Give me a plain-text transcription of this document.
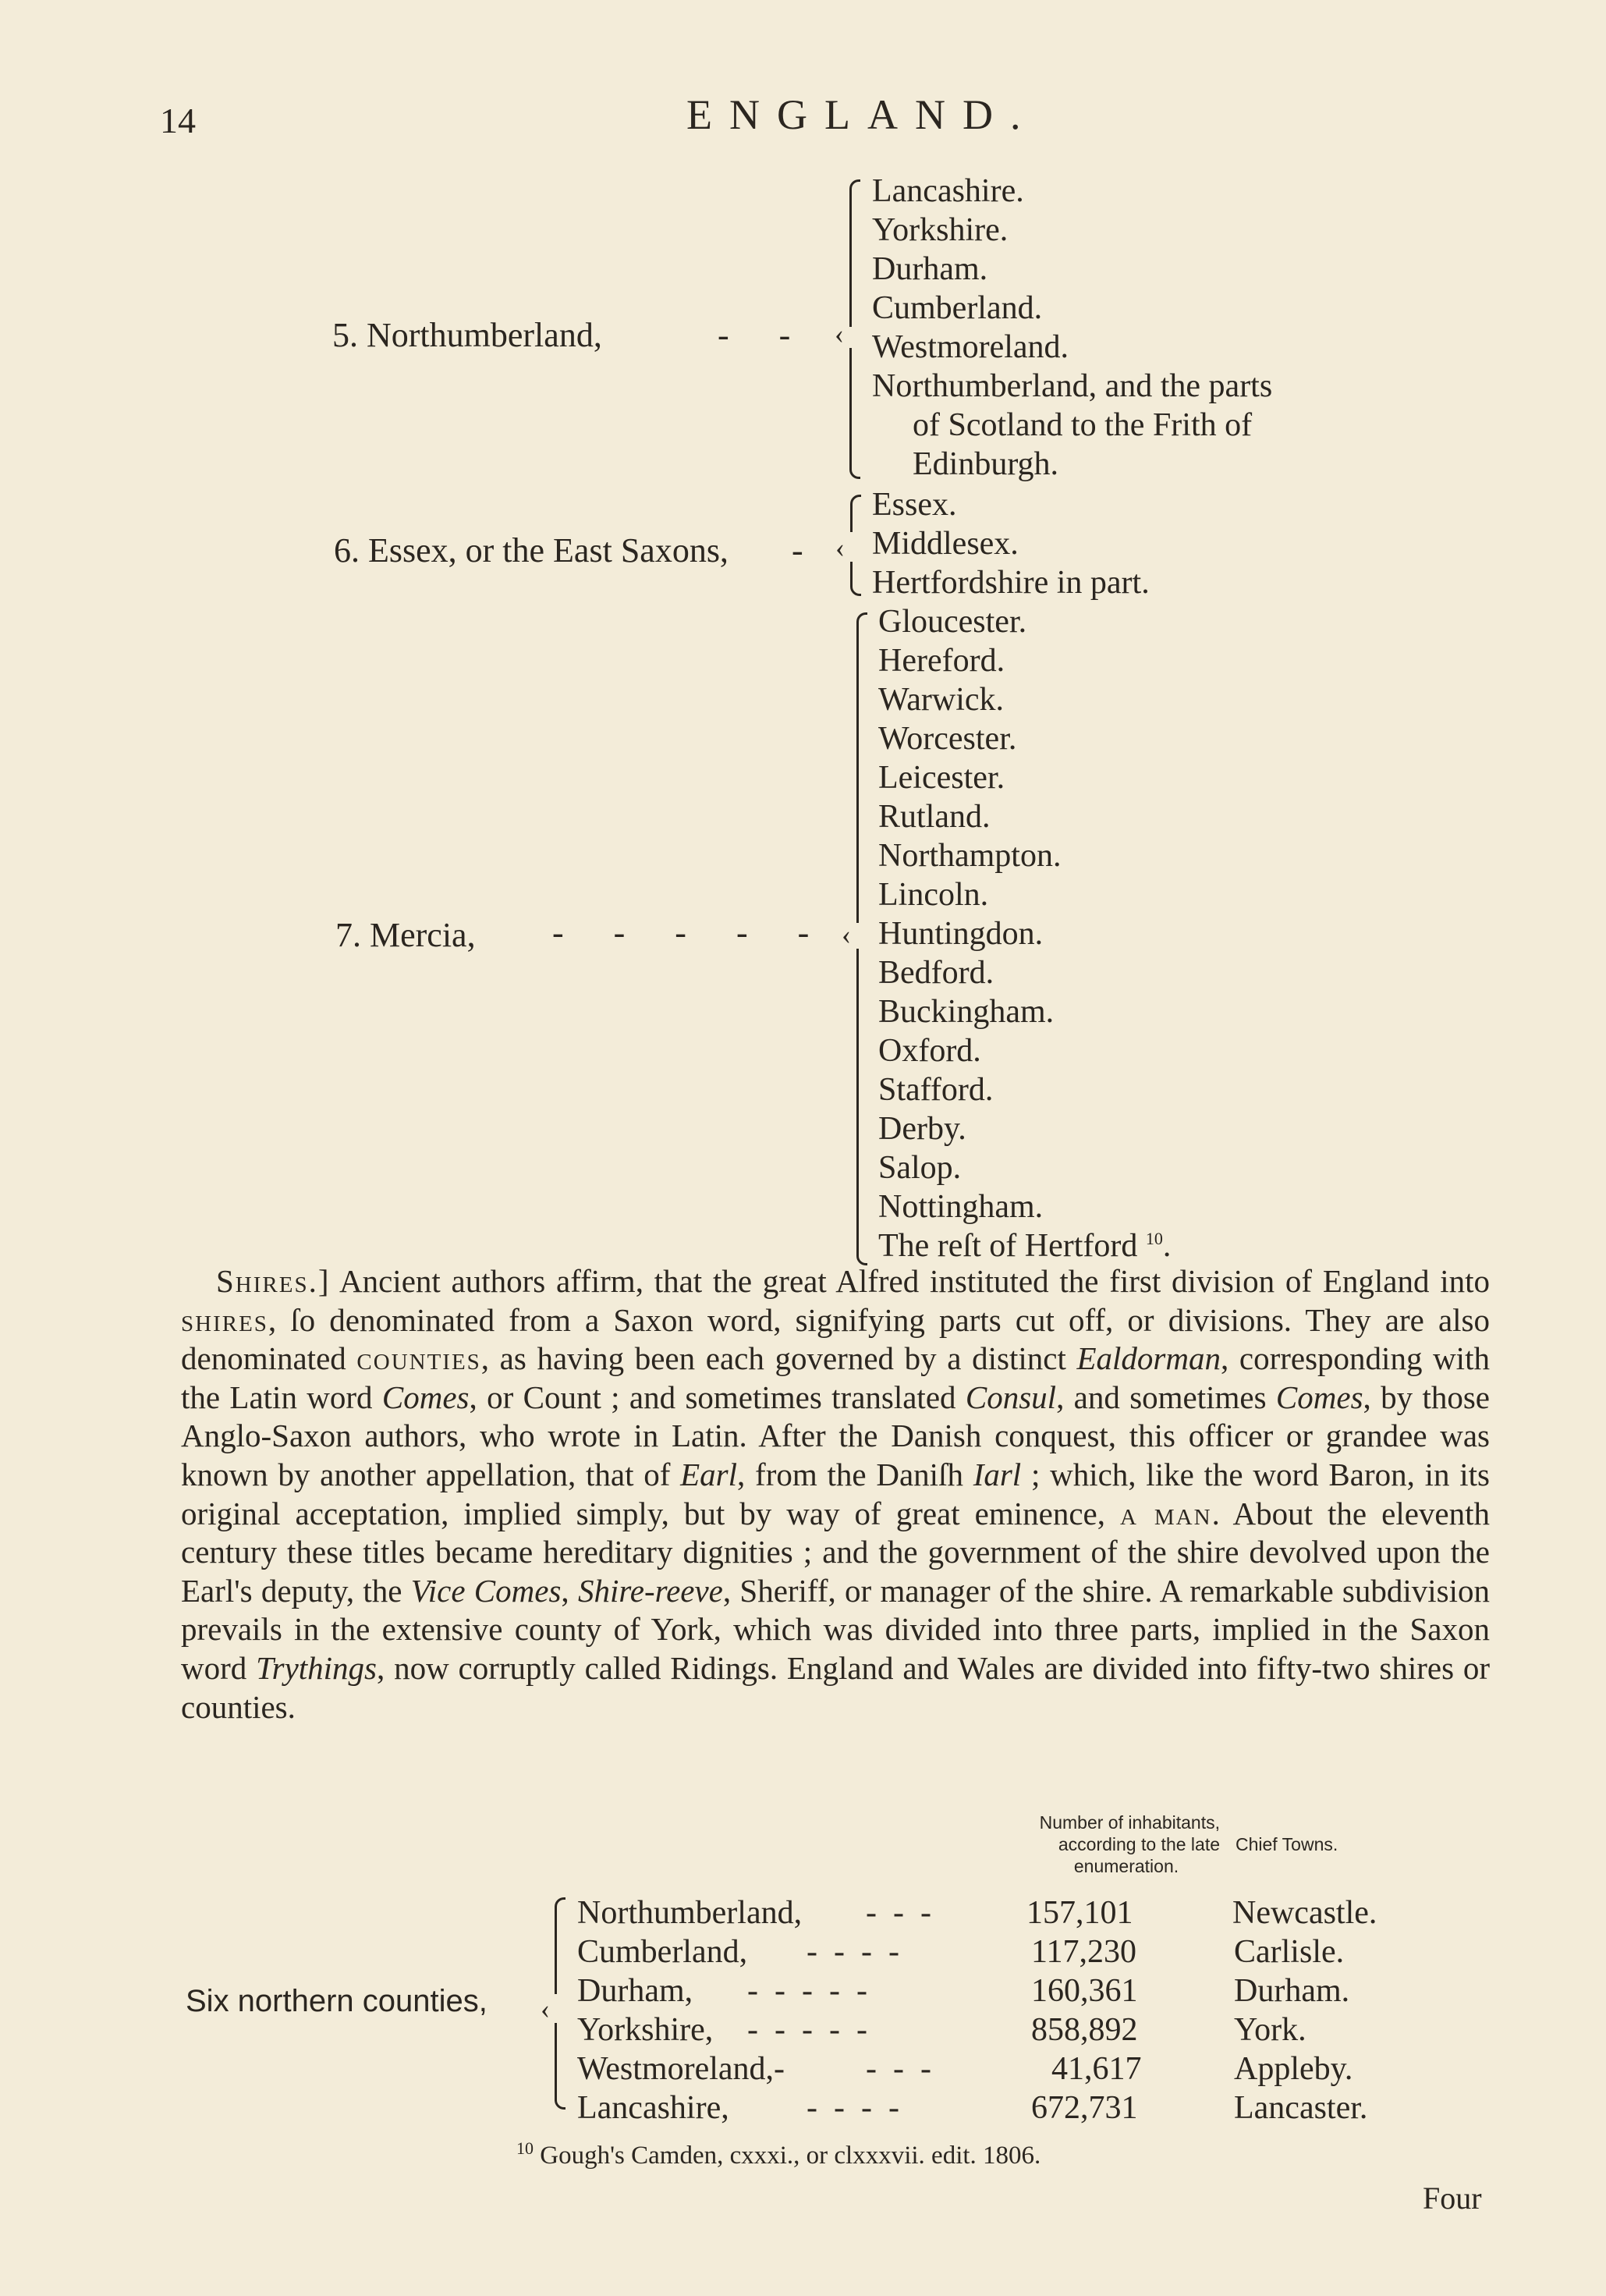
14	ENGLAND.
5. Northumberland,	-  - ‹
Lancashire.
Yorkshire.
Durham.
Cumberland.
Westmoreland.
Northumberland, and the parts
of Scotland to the Frith of
Edinburgh.
6. Essex, or the East Saxons, - ‹
Essex.
Middlesex.
Hertfordshire in part.
7. Mercia, -  -  -  -  - ‹
Gloucester.
Hereford.
Warwick.
Worcester.
Leicester.
Rutland.
Northampton.
Lincoln.
Huntingdon.
Bedford.
Buckingham.
Oxford.
Stafford.
Derby.
Salop.
Nottingham.
The reſt of Hertford $^{10}$.
Shires.] Ancient authors affirm, that the great Alfred instituted the first division of England into shires, ſo denominated from a Saxon word, signifying parts cut off, or divisions. They are also denominated counties, as having been each governed by a distinct Ealdorman, corresponding with the Latin word Comes, or Count ; and sometimes translated Consul, and sometimes Comes, by those Anglo-Saxon authors, who wrote in Latin. After the Danish conquest, this officer or grandee was known by another appellation, that of Earl, from the Daniſh Iarl ; which, like the word Baron, in its original acceptation, implied simply, but by way of great eminence, a man. About the eleventh century these titles became hereditary dignities ; and the government of the shire devolved upon the Earl's deputy, the Vice Comes, Shire-reeve, Sheriff, or manager of the shire. A remarkable subdivision prevails in the extensive county of York, which was divided into three parts, implied in the Saxon word Trythings, now corruptly called Ridings. England and Wales are divided into fifty-two shires or counties.
Number of inhabitants,
according to the late
enumeration.
Chief Towns.
Six northern counties, ‹
Northumberland, -  -  -	157,101	Newcastle.
Cumberland, -  -  -  -	117,230	Carlisle.
Durham, -  -  -  -  -	160,361	Durham.
Yorkshire, -  -  -  -  -	858,892	York.
Westmoreland,- -  -  -	41,617	Appleby.
Lancashire, -  -  -  -	672,731	Lancaster.
$^{10}$ Gough's Camden, cxxxi., or clxxxvii. edit. 1806.
Four
